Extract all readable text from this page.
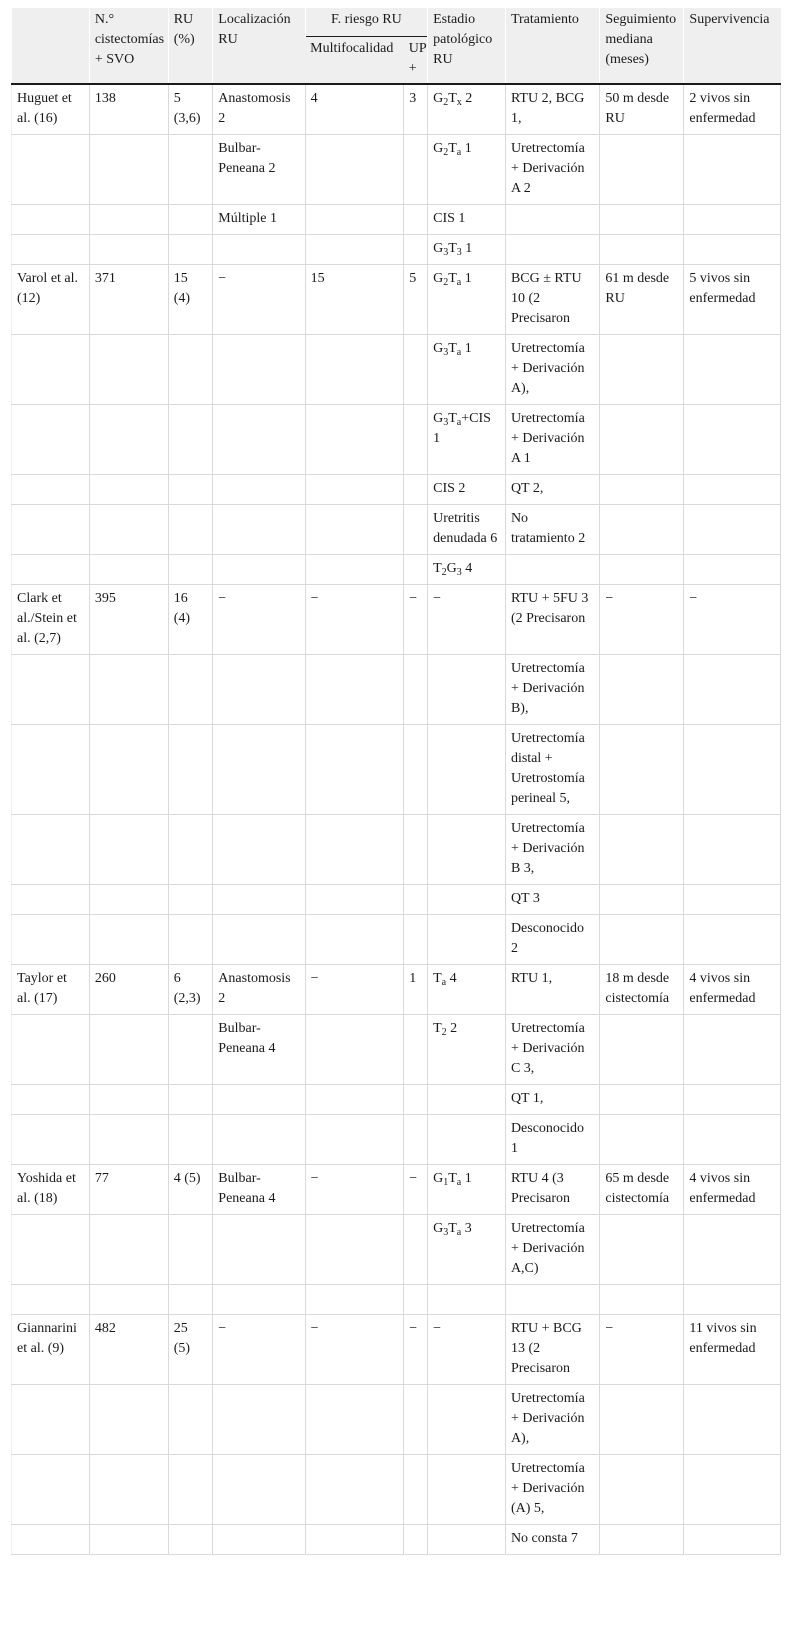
	N.° cistectomías + SVO	RU (%)	Localización RU	F. riesgo RU		Estadio patológico RU	Tratamiento	Seguimiento mediana (meses)	Supervivencia
				Multifocalidad	UP +				
Huguet et al. (16)	138	5 (3,6)	Anastomosis 2	4	3	$G_2T_x$ 2	RTU 2, BCG 1,	50 m desde RU	2 vivos sin enfermedad
			Bulbar-Peneana 2			$G_2T_a$ 1	Uretrectomía + Derivación A 2		
			Múltiple 1			CIS 1			
						$G_3T_3$ 1			
Varol et al. (12)	371	15 (4)	−	15	5	$G_2T_a$ 1	BCG ± RTU 10 (2 Precisaron	61 m desde RU	5 vivos sin enfermedad
						$G_3T_a$ 1	Uretrectomía + Derivación A),		
						$G_3T_a+CIS$ 1	Uretrectomía + Derivación A 1		
						CIS 2	QT 2,		
						Uretritis denudada 6	No tratamiento 2		
						$T_2G_3$ 4			
Clark et al./Stein et al. (2,7)	395	16 (4)	−	−	−	−	RTU + 5FU 3 (2 Precisaron	−	−
							Uretrectomía + Derivación B),		
							Uretrectomía distal + Uretrostomía perineal 5,		
							Uretrectomía + Derivación B 3,		
							QT 3		
							Desconocido 2		
Taylor et al. (17)	260	6 (2,3)	Anastomosis 2	−	1	$T_a$ 4	RTU 1,	18 m desde cistectomía	4 vivos sin enfermedad
			Bulbar-Peneana 4			$T_2$ 2	Uretrectomía + Derivación C 3,		
							QT 1,		
							Desconocido 1		
Yoshida et al. (18)	77	4 (5)	Bulbar-Peneana 4	−	−	$G_1T_a$ 1	RTU 4 (3 Precisaron	65 m desde cistectomía	4 vivos sin enfermedad
						$G_3T_a$ 3	Uretrectomía + Derivación A,C)		

Giannarini et al. (9)	482	25 (5)	−	−	−	−	RTU + BCG 13 (2 Precisaron	−	11 vivos sin enfermedad
							Uretrectomía + Derivación A),		
							Uretrectomía + Derivación (A) 5,		
							No consta 7		
